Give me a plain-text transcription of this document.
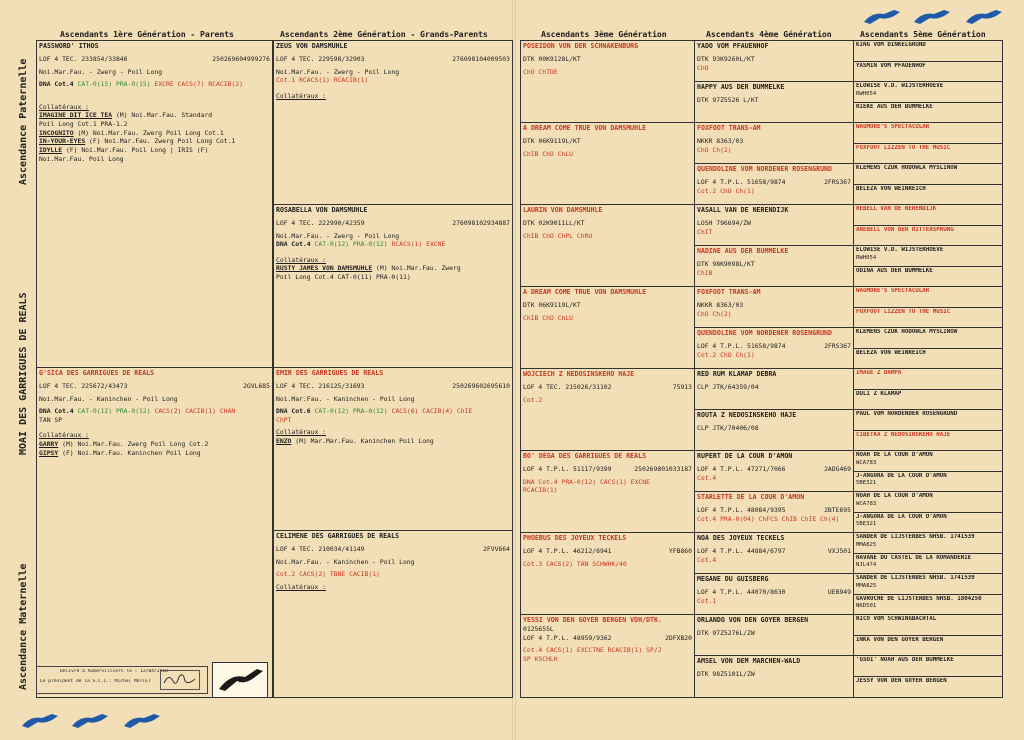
Ascendants 1ère Génération - Parents	Ascendants 2ème Génération - Grands-Parents	Ascendants 3ème Génération	Ascendants 4ème Génération	Ascendants 5ème Génération
Ascendance Paternelle
MOAI DES GARRIGUES DE REALS
Ascendance Maternelle
PASSWORD' ITHOS
LOF 4 TEC. 233854/33846	250269604999276
Noi.Mar.Fau. - Zwerg - Poil Long
DNA Cot.4 CAT-0(15) PRA-0(15) EXCRE CACS(7) RCACIB(2)
Collatéraux :
IMAGINE DIT ICE TEA (M) Noi.Mar.Fau. Standard
Poil Long Cot.1 PRA-1.2
INCOGNITO (M) Noi.Mar.Fau. Zwerg Poil Long Cot.1
IN-YOUR-EYES (F) Noi.Mar.Fau. Zwerg Poil Long Cot.1
IDYLLE (F) Noi.Mar.Fau. Poil Long | IRIS (F)
Noi.Mar.Fau. Poil Long
G'SICA DES GARRIGUES DE REALS
LOF 4 TEC. 225672/43473	2GVL685
Noi.Mar.Fau. - Kaninchen - Poil Long
DNA Cot.4 CAT-0(12) PRA-0(12) CACS(2) CACIB(1) CHAN
TAN SP
Collatéraux :
GARRY (M) Noi.Mar.Fau. Zwerg Poil Long Cot.2
GIPSY (F) Noi.Mar.Fau. Kaninchen Poil Long
Délivré à Aubervilliers le : 12/04/2018
Le président de la S.C.C.: Michel MOTTET
ZEUS VON DAMSMUHLE
LOF 4 TEC. 229598/32903	276098104009503
Noi.Mar.Fau. - Zwerg - Poil Long
Cot.1 RCACS(1) RCACIB(1)
Collatéraux :
ROSABELLA VON DAMSMUHLE
LOF 4 TEC. 222990/42359	276098102934887
Noi.Mar.Fau. - Zwerg - Poil Long
DNA Cot.4 CAT-0(12) PRA-0(12) RCACS(1) EXCNE
Collatéraux :
RUSTY JAMES VON DAMSMUHLE (M) Noi.Mar.Fau. Zwerg
Poil Long Cot.4 CAT-0(11) PRA-0(11)
EMIR DES GARRIGUES DE REALS
LOF 4 TEC. 216125/31693	250269602695610
Noi.Mar.Fau. - Kaninchen - Poil Long
DNA Cot.6 CAT-0(12) PRA-0(12) CACS(6) CACIB(4) ChIE
ChPT
Collatéraux :
ENZO (M) Mar.Mar.Fau. Kaninchen Poil Long
CELIMENE DES GARRIGUES DE REALS
LOF 4 TEC. 210034/41149	2FVV664
Noi.Mar.Fau. - Kaninchen - Poil Long
Cot.2 CACS(2) TBNE CACIB(1)
Collatéraux :
POSEIDON VON DER SCHNAKENBURG
DTK 00K9128L/KT
ChO ChTDE
A DREAM COME TRUE VON DAMSMUHLE
DTK 06K9119L/KT
ChIB ChO ChLU
LAURIN VON DAMSMUHLE
DTK 02K9011LL/KT
ChIB ChO ChPL ChRU
A DREAM COME TRUE VON DAMSMUHLE
DTK 06K9119L/KT
ChIB ChO ChLU
WOJCIECH Z NEDOSINSKEHO HAJE
LOF 4 TEC. 215026/31102	75913
Cot.2
BO' DEGA DES GARRIGUES DE REALS
LOF 4 T.P.L. 51117/9399	250269801033187
DNA Cot.4 PRA-0(12) CACS(1) EXCNE
RCACIB(1)
PHOEBUS DES JOYEUX TECKELS
LOF 4 T.P.L. 46212/6941	YFB860
Cot.3 CACS(2) TAN SCHWHK/40
YESSI VON DEN GOYER BERGEN VDH/DTK.
0125655L
LOF 4 T.P.L. 48959/9362	2DFXB20
Cot.4 CACS(1) EXCCTNE RCACIB(1) SP/J
SP KSCHLH
YADO VOM PFAUENHOF
DTK 93K9260L/KT
ChO
HAPPY AUS DER BUMMELKE
DTK 97Z5526 L/KT
FOXFOOT TRANS-AM
NKKR 8363/03
ChO Ch(2)
QUENDOLINE VOM NORDENER ROSENGRUND
LOF 4 T.P.L. 51658/9874	2FRS367
Cot.2 ChO Ch(1)
VASALL VAN DE NERENDIJK
LOSH 796694/ZW
ChIT
NADINE AUS DER BUMMELKE
DTK 98K9098L/KT
ChIB
FOXFOOT TRANS-AM
NKKR 8363/03
ChO Ch(2)
QUENDOLINE VOM NORDENER ROSENGRUND
LOF 4 T.P.L. 51658/9874	2FRS367
Cot.2 ChO Ch(1)
RED RUM KLAMAP DEBRA
CLP JTK/64359/04
ROUTA Z NEDOSINSKEHO HAJE
CLP JTK/70406/08
RUPERT DE LA COUR D'AMON
LOF 4 T.P.L. 47271/7066	2ADG469
Cot.4
STARLETTE DE LA COUR D'AMON
LOF 4 T.P.L. 48084/9395	2BTE695
Cot.4 PRA-0(04) ChFCS ChIB ChIE Ch(4)
NOA DES JOYEUX TECKELS
LOF 4 T.P.L. 44884/6797	VXJ501
Cot.4
MEGANE DU GUISBERG
LOF 4 T.P.L. 44070/8630	UEB949
Cot.1
ORLANDO VON DEN GOYER BERGEN
DTK 97Z5276L/ZW
AMSEL VON DEM MARCHEN-WALD
DTK 98Z5101L/ZW
KING VOM DINKELGRUND
YASMIN VOM PFAUENHOF
ELOWISE V.D. WIJSTERHOEVE
RWH054
RIEKE AUS DER BUMMELKE
WAGMORE'S SPECTACULAR
FOXFOOT LIZZEN TO THE MUSIC
KLEMENS CZUK HODOWLA MYSLINOW
BELEZA VON WEINREICH
REBELL VAN DE NERENDIJK
ANEBELL VON DER RITTERSPRUNG
ELOWISE V.D. WIJSTERHOEVE
RWH054
ODINA AUS DER BUMMELKE
WAGMORE'S SPECTACULAR
FOXFOOT LIZZEN TO THE MUSIC
KLEMENS CZUK HODOWLA MYSLINOW
BELEZA VON WEINREICH
IMAGE Z DAMPA
DULI Z KLAMAP
PAUL VOM NORDENDER ROSENGRUND
CIBETKA Z NEDOSINSKEHO HAJE
NOAH DE LA COUR D'AMON
WCA783
J-ANGORA DE LA COUR D'AMON
5BE321
NOAH DE LA COUR D'AMON
WCA783
J-ANGORA DE LA COUR D'AMON
5BE321
SANDER DE LIJSTERBES NHSB. 1741539
MMA825
HAVANE DU CASTEL DE LA ROMANDERIE
NJL474
SANDER DE LIJSTERBES NHSB. 1741539
MMA825
GAVROCHE DE LIJSTERBES NHSB. 1804250
NKD501
RICO VOM SCHWINGBACHTAL
INKA VON DEN GOYER BERGEN
'GSOI' NOAH AUS DER BUMMELKE
JESSY VON DEN GOYER BERGEN
